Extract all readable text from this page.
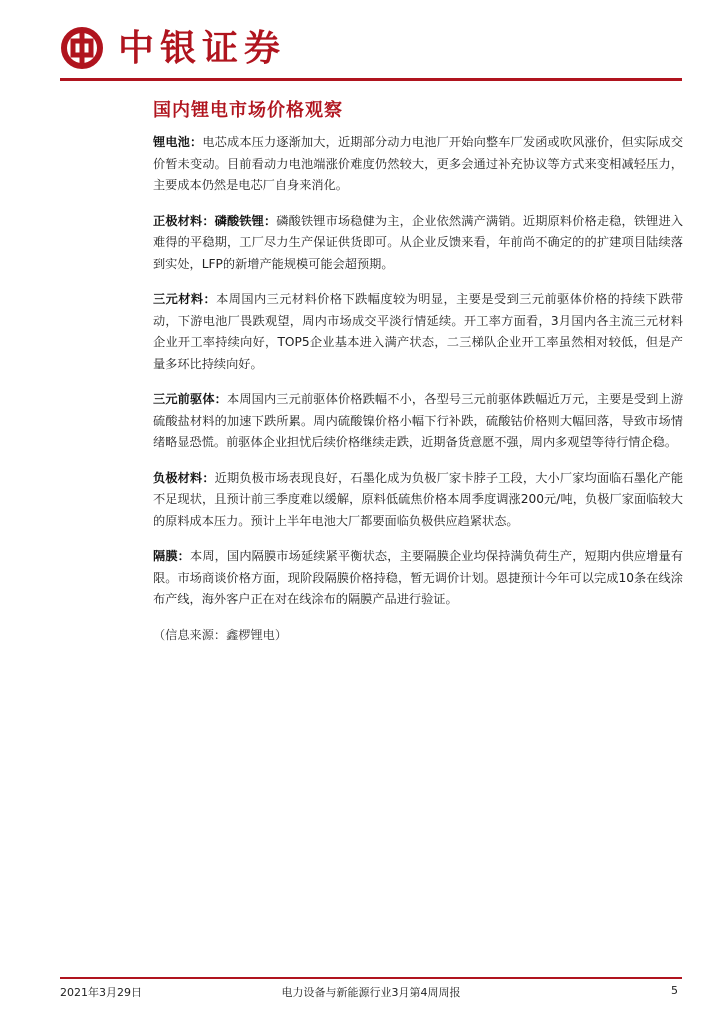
中银证券
国内锂电市场价格观察

锂电池：电芯成本压力逐渐加大，近期部分动力电池厂开始向整车厂发函或吹风涨价，但实际成交价暂未变动。目前看动力电池端涨价难度仍然较大，更多会通过补充协议等方式来变相减轻压力，主要成本仍然是电芯厂自身来消化。

正极材料：磷酸铁锂：磷酸铁锂市场稳健为主，企业依然满产满销。近期原料价格走稳，铁锂进入难得的平稳期，工厂尽力生产保证供货即可。从企业反馈来看，年前尚不确定的的扩建项目陆续落到实处，LFP的新增产能规模可能会超预期。

三元材料：本周国内三元材料价格下跌幅度较为明显，主要是受到三元前驱体价格的持续下跌带动，下游电池厂畏跌观望，周内市场成交平淡行情延续。开工率方面看，3月国内各主流三元材料企业开工率持续向好，TOP5企业基本进入满产状态，二三梯队企业开工率虽然相对较低，但是产量多环比持续向好。

三元前驱体：本周国内三元前驱体价格跌幅不小，各型号三元前驱体跌幅近万元，主要是受到上游硫酸盐材料的加速下跌所累。周内硫酸镍价格小幅下行补跌，硫酸钴价格则大幅回落，导致市场情绪略显恐慌。前驱体企业担忧后续价格继续走跌，近期备货意愿不强，周内多观望等待行情企稳。

负极材料：近期负极市场表现良好，石墨化成为负极厂家卡脖子工段，大小厂家均面临石墨化产能不足现状，且预计前三季度难以缓解，原料低硫焦价格本周季度调涨200元/吨，负极厂家面临较大的原料成本压力。预计上半年电池大厂都要面临负极供应趋紧状态。

隔膜：本周，国内隔膜市场延续紧平衡状态，主要隔膜企业均保持满负荷生产，短期内供应增量有限。市场商谈价格方面，现阶段隔膜价格持稳，暂无调价计划。恩捷预计今年可以完成10条在线涂布产线，海外客户正在对在线涂布的隔膜产品进行验证。

（信息来源：鑫椤锂电）

2021年3月29日	电力设备与新能源行业3月第4周周报	5
